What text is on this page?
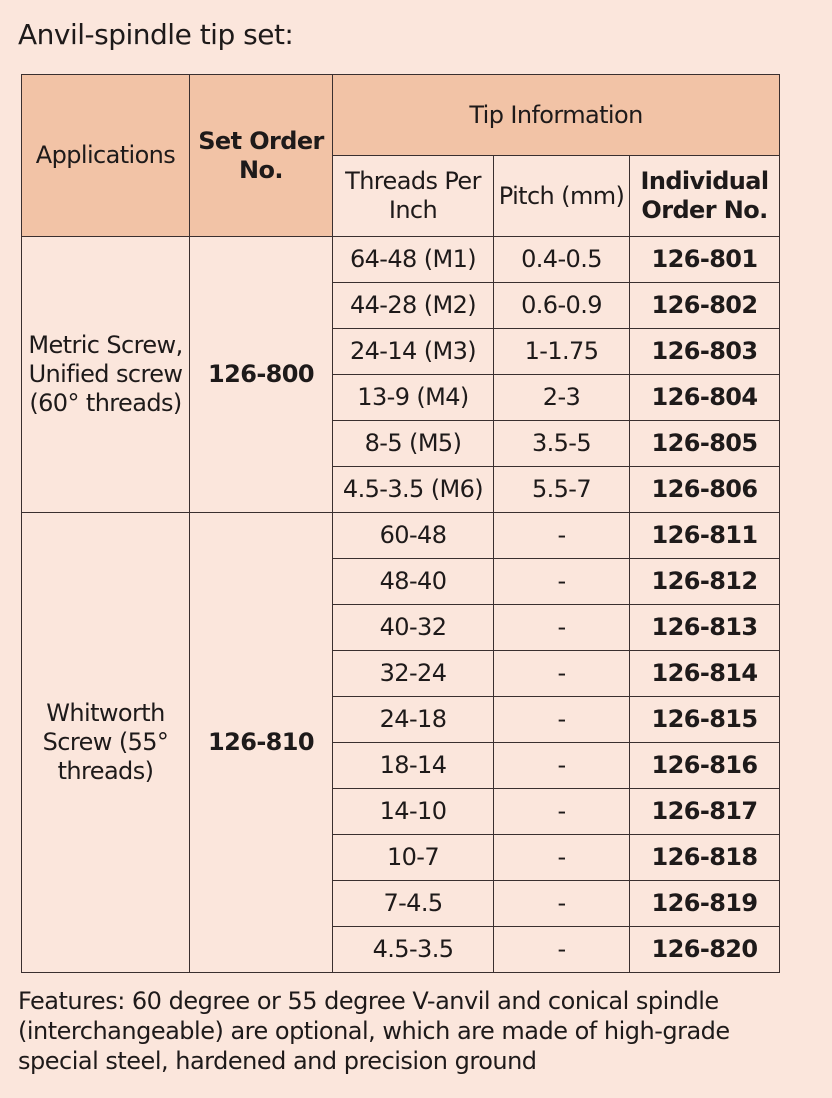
Anvil-spindle tip set:
Applications	Set Order No.	Tip Information		
		Threads Per Inch	Pitch (mm)	Individual Order No.
Metric Screw, Unified screw (60° threads)	126-800	64-48 (M1)	0.4-0.5	126-801
		44-28 (M2)	0.6-0.9	126-802
		24-14 (M3)	1-1.75	126-803
		13-9 (M4)	2-3	126-804
		8-5 (M5)	3.5-5	126-805
		4.5-3.5 (M6)	5.5-7	126-806
Whitworth Screw (55° threads)	126-810	60-48	-	126-811
		48-40	-	126-812
		40-32	-	126-813
		32-24	-	126-814
		24-18	-	126-815
		18-14	-	126-816
		14-10	-	126-817
		10-7	-	126-818
		7-4.5	-	126-819
		4.5-3.5	-	126-820
Features: 60 degree or 55 degree V-anvil and conical spindle (interchangeable) are optional, which are made of high-grade special steel, hardened and precision ground
